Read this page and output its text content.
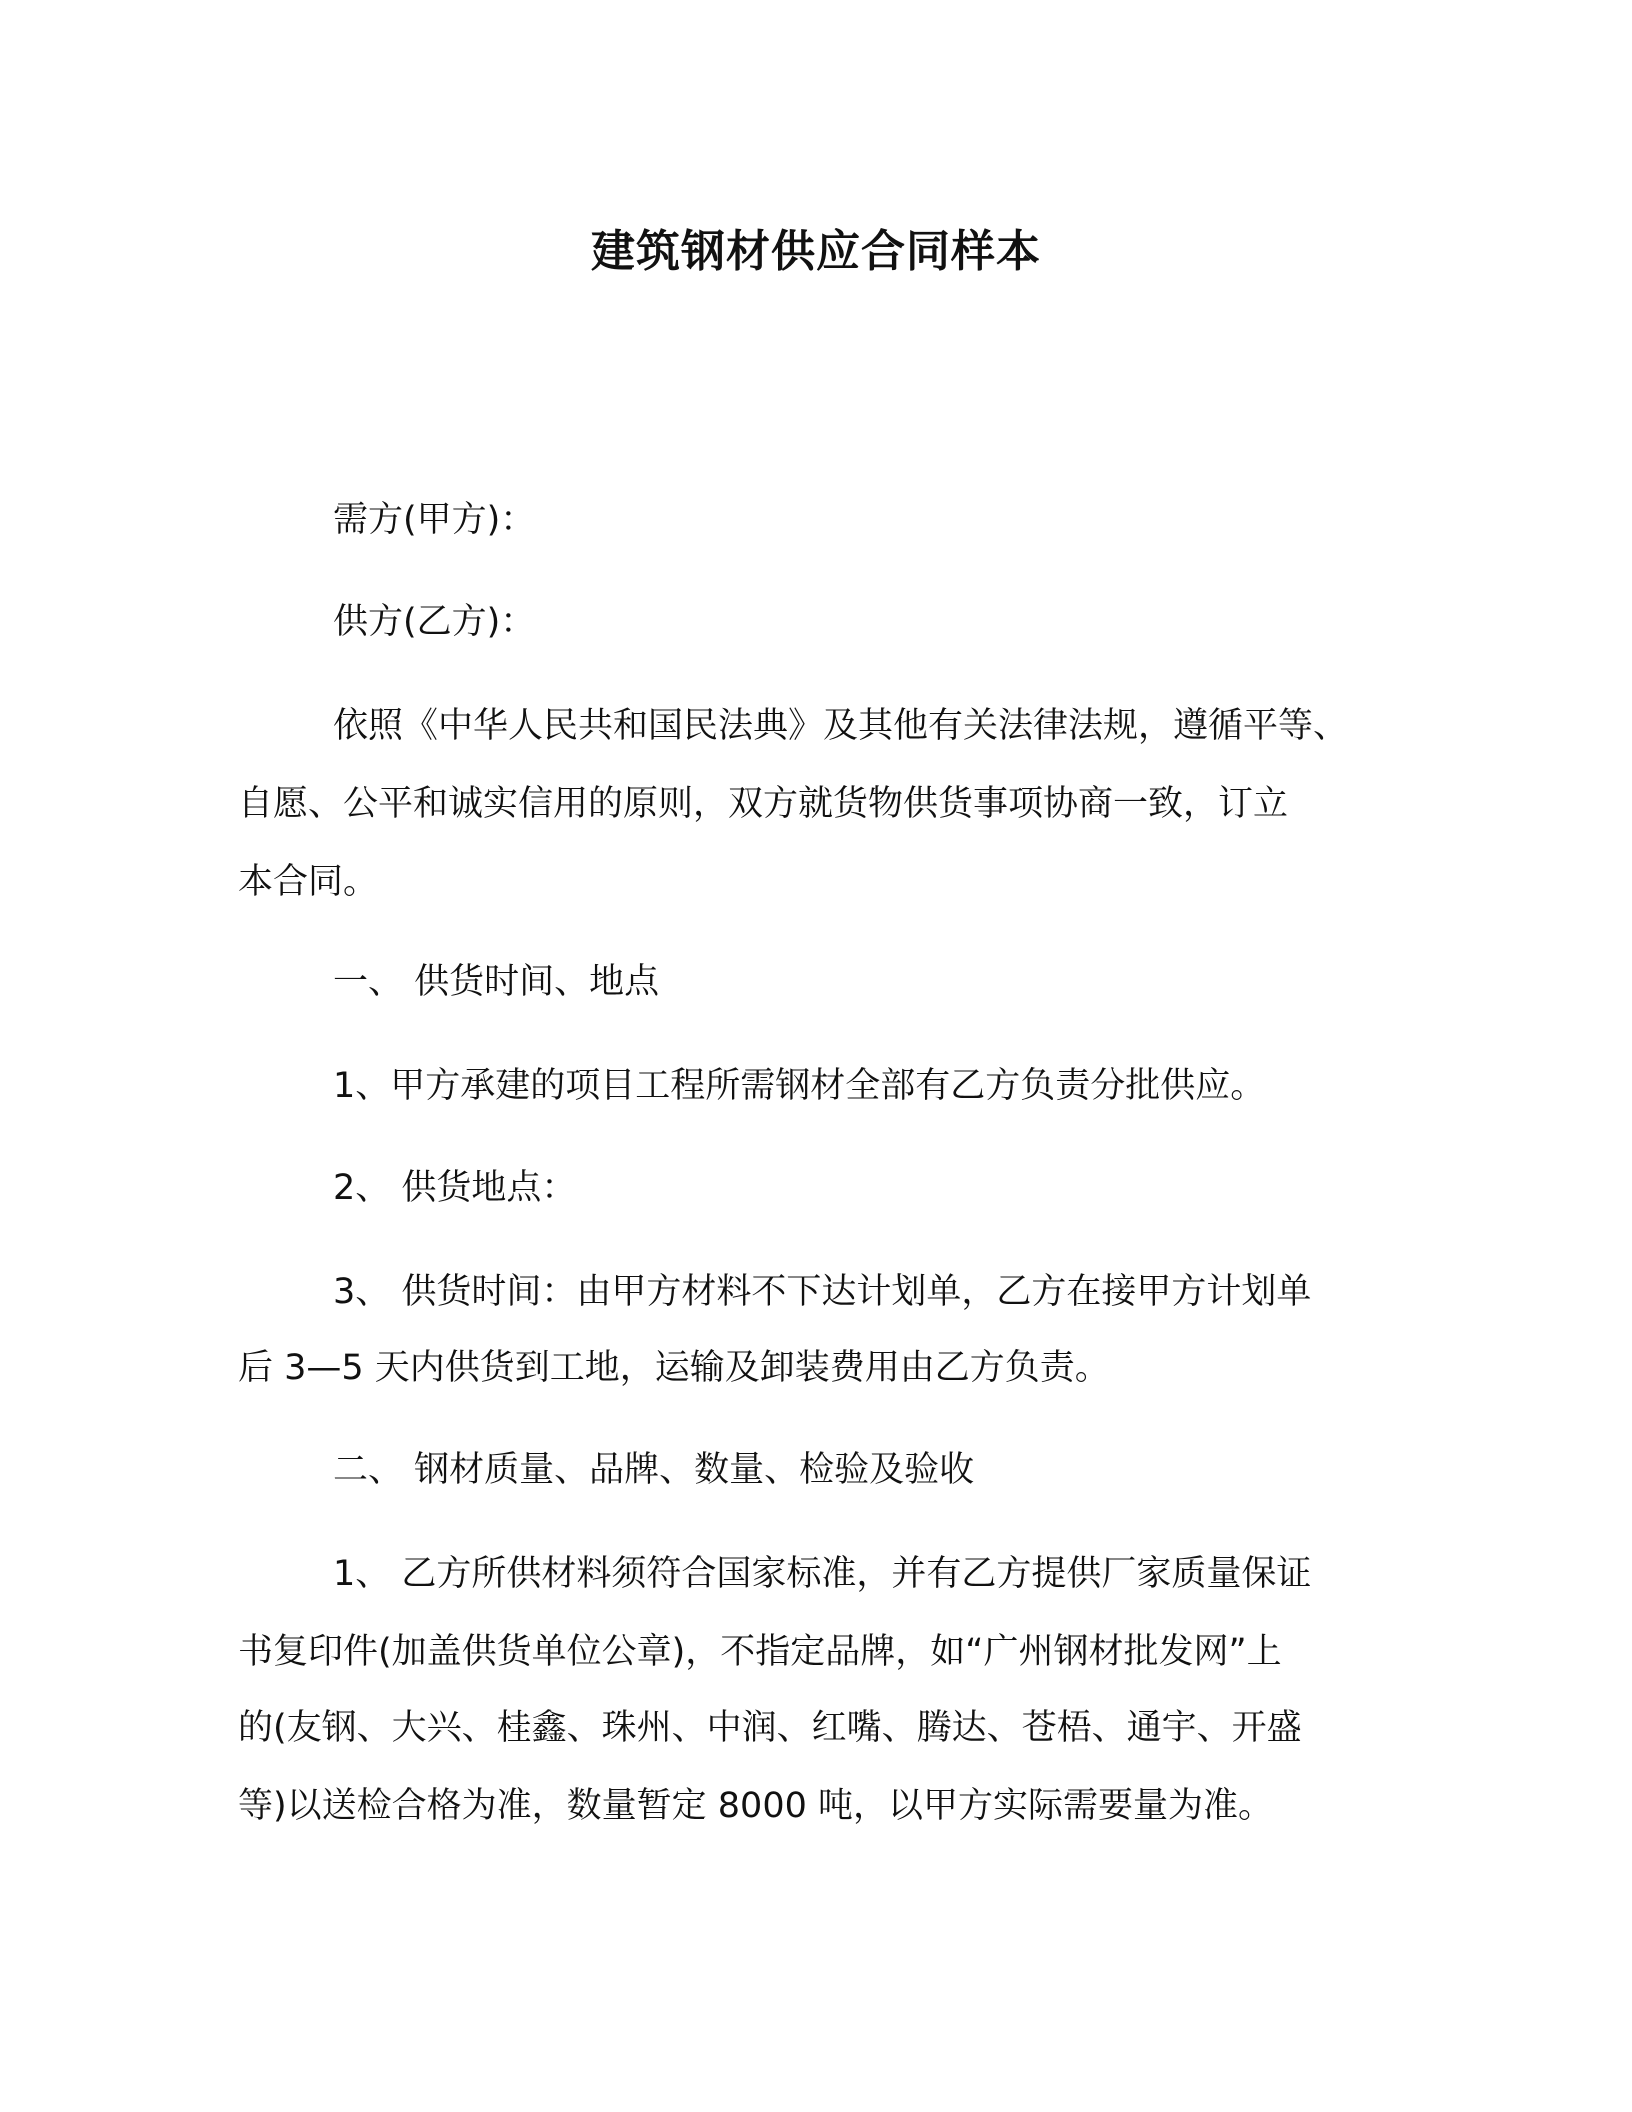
建筑钢材供应合同样本
需方(甲方)：
供方(乙方)：
依照《中华人民共和国民法典》及其他有关法律法规，遵循平等、
自愿、公平和诚实信用的原则，双方就货物供货事项协商一致，订立
本合同。
一、 供货时间、地点
1、甲方承建的项目工程所需钢材全部有乙方负责分批供应。
2、 供货地点：
3、 供货时间：由甲方材料不下达计划单，乙方在接甲方计划单
后 3—5 天内供货到工地，运输及卸装费用由乙方负责。
二、 钢材质量、品牌、数量、检验及验收
1、 乙方所供材料须符合国家标准，并有乙方提供厂家质量保证
书复印件(加盖供货单位公章)，不指定品牌，如“广州钢材批发网”上
的(友钢、大兴、桂鑫、珠州、中润、红嘴、腾达、苍梧、通宇、开盛
等)以送检合格为准，数量暂定 8000 吨，以甲方实际需要量为准。
